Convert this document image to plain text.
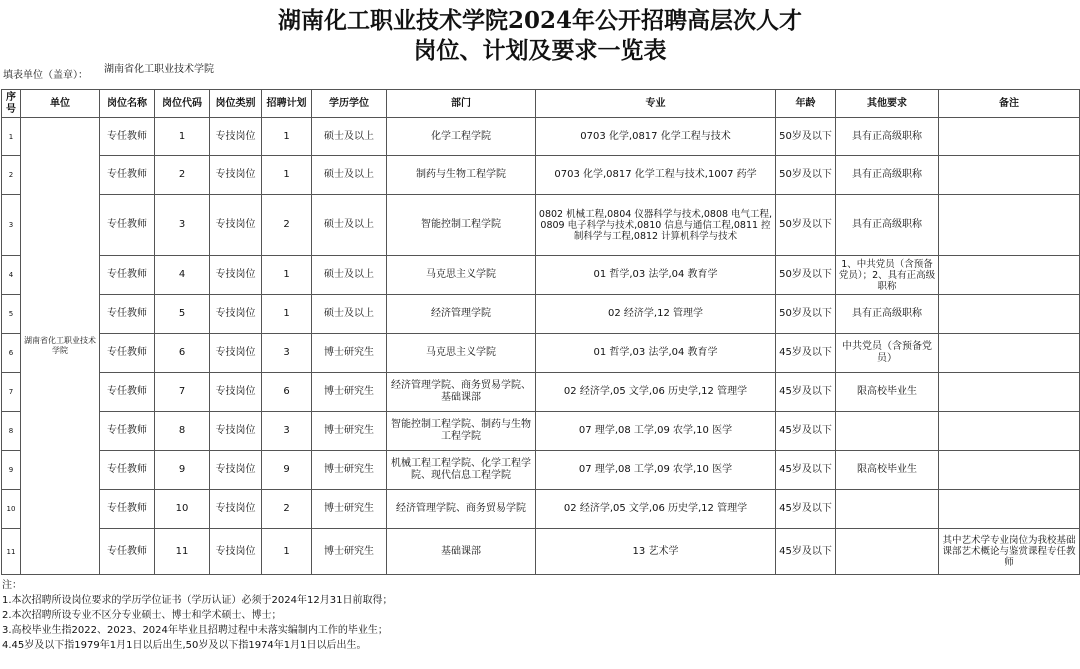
湖南化工职业技术学院2024年公开招聘高层次人才
岗位、计划及要求一览表
填表单位（盖章）：
湖南省化工职业技术学院
序号	单位	岗位名称	岗位代码	岗位类别	招聘计划	学历学位	部门	专业	年龄	其他要求	备注
1	湖南省化工职业技术学院	专任教师	1	专技岗位	1	硕士及以上	化学工程学院	0703 化学,0817 化学工程与技术	50岁及以下	具有正高级职称	
2		专任教师	2	专技岗位	1	硕士及以上	制药与生物工程学院	0703 化学,0817 化学工程与技术,1007 药学	50岁及以下	具有正高级职称	
3		专任教师	3	专技岗位	2	硕士及以上	智能控制工程学院	0802 机械工程,0804 仪器科学与技术,0808 电气工程,0809 电子科学与技术,0810 信息与通信工程,0811 控制科学与工程,0812 计算机科学与技术	50岁及以下	具有正高级职称	
4		专任教师	4	专技岗位	1	硕士及以上	马克思主义学院	01 哲学,03 法学,04 教育学	50岁及以下	1、中共党员（含预备党员）；2、具有正高级职称	
5		专任教师	5	专技岗位	1	硕士及以上	经济管理学院	02 经济学,12 管理学	50岁及以下	具有正高级职称	
6		专任教师	6	专技岗位	3	博士研究生	马克思主义学院	01 哲学,03 法学,04 教育学	45岁及以下	中共党员（含预备党员）	
7		专任教师	7	专技岗位	6	博士研究生	经济管理学院、商务贸易学院、基础课部	02 经济学,05 文学,06 历史学,12 管理学	45岁及以下	限高校毕业生	
8		专任教师	8	专技岗位	3	博士研究生	智能控制工程学院、制药与生物工程学院	07 理学,08 工学,09 农学,10 医学	45岁及以下		
9		专任教师	9	专技岗位	9	博士研究生	机械工程工程学院、化学工程学院、现代信息工程学院	07 理学,08 工学,09 农学,10 医学	45岁及以下	限高校毕业生	
10		专任教师	10	专技岗位	2	博士研究生	经济管理学院、商务贸易学院	02 经济学,05 文学,06 历史学,12 管理学	45岁及以下		
11		专任教师	11	专技岗位	1	博士研究生	基础课部	13 艺术学	45岁及以下		其中艺术学专业岗位为我校基础课部艺术概论与鉴赏课程专任教师
注：
1.本次招聘所设岗位要求的学历学位证书（学历认证）必须于2024年12月31日前取得；
2.本次招聘所设专业不区分专业硕士、博士和学术硕士、博士；
3.高校毕业生指2022、2023、2024年毕业且招聘过程中未落实编制内工作的毕业生；
4.45岁及以下指1979年1月1日以后出生,50岁及以下指1974年1月1日以后出生。
